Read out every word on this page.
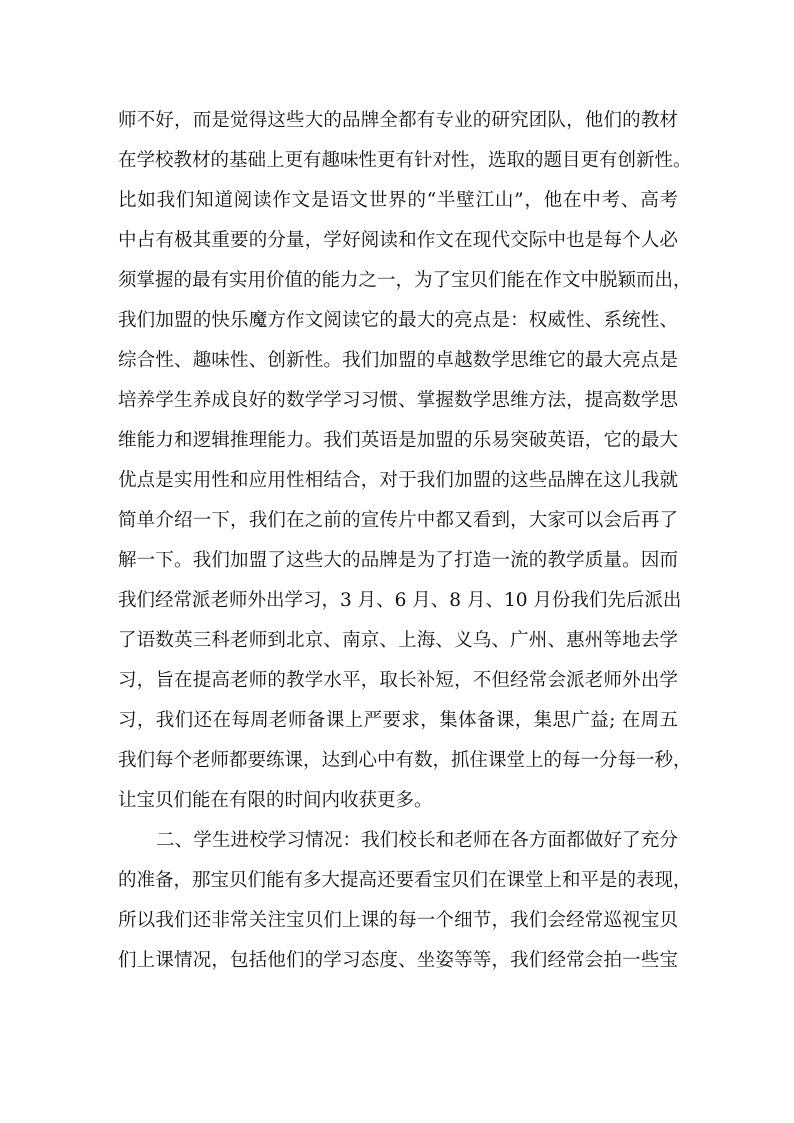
师不好，而是觉得这些大的品牌全都有专业的研究团队，他们的教材
在学校教材的基础上更有趣味性更有针对性，选取的题目更有创新性。
比如我们知道阅读作文是语文世界的“半壁江山”，他在中考、高考
中占有极其重要的分量，学好阅读和作文在现代交际中也是每个人必
须掌握的最有实用价值的能力之一，为了宝贝们能在作文中脱颖而出，
我们加盟的快乐魔方作文阅读它的最大的亮点是：权威性、系统性、
综合性、趣味性、创新性。我们加盟的卓越数学思维它的最大亮点是
培养学生养成良好的数学学习习惯、掌握数学思维方法，提高数学思
维能力和逻辑推理能力。我们英语是加盟的乐易突破英语，它的最大
优点是实用性和应用性相结合，对于我们加盟的这些品牌在这儿我就
简单介绍一下，我们在之前的宣传片中都又看到，大家可以会后再了
解一下。我们加盟了这些大的品牌是为了打造一流的教学质量。因而
我们经常派老师外出学习，3 月、6 月、8 月、10 月份我们先后派出
了语数英三科老师到北京、南京、上海、义乌、广州、惠州等地去学
习，旨在提高老师的教学水平，取长补短，不但经常会派老师外出学
习，我们还在每周老师备课上严要求，集体备课，集思广益; 在周五
我们每个老师都要练课，达到心中有数，抓住课堂上的每一分每一秒，
让宝贝们能在有限的时间内收获更多。
二、学生进校学习情况：我们校长和老师在各方面都做好了充分
的准备，那宝贝们能有多大提高还要看宝贝们在课堂上和平是的表现，
所以我们还非常关注宝贝们上课的每一个细节，我们会经常巡视宝贝
们上课情况，包括他们的学习态度、坐姿等等，我们经常会拍一些宝
